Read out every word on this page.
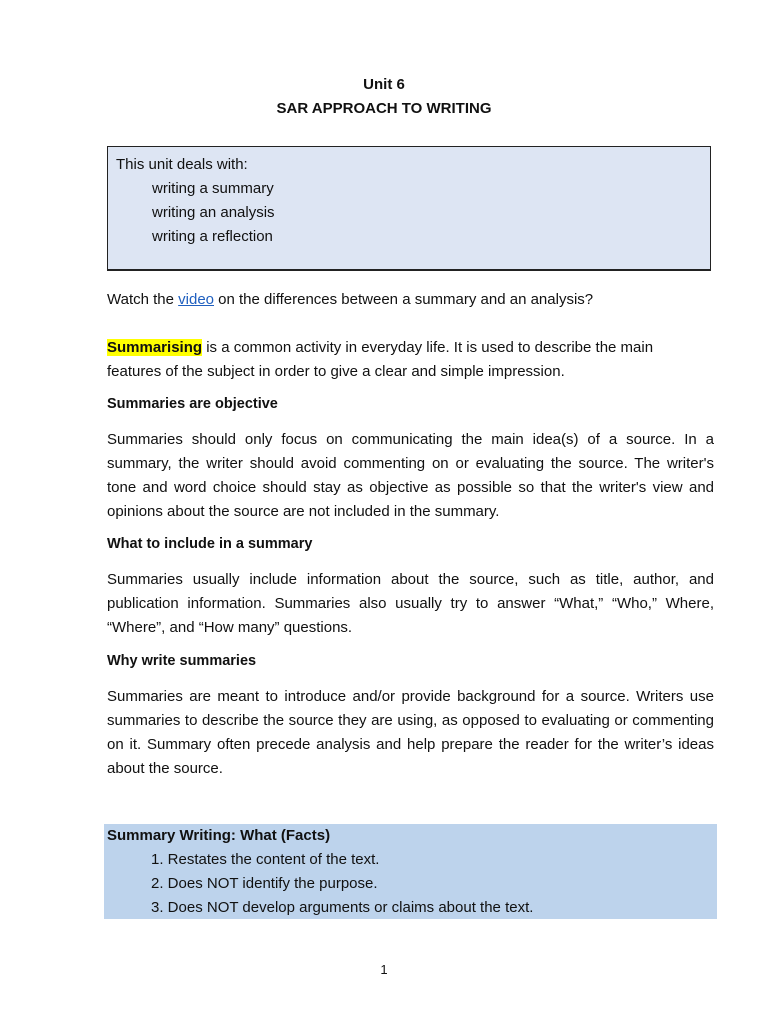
Unit 6
SAR APPROACH TO WRITING
This unit deals with:
writing a summary
writing an analysis
writing a reflection
Watch the video on the differences between a summary and an analysis?
Summarising is a common activity in everyday life. It is used to describe the main
features of the subject in order to give a clear and simple impression.
Summaries are objective
Summaries should only focus on communicating the main idea(s) of a source. In a summary, the writer should avoid commenting on or evaluating the source. The writer's tone and word choice should stay as objective as possible so that the writer's view and opinions about the source are not included in the summary.
What to include in a summary
Summaries usually include information about the source, such as title, author, and publication information. Summaries also usually try to answer “What,” “Who,” Where, “Where”, and “How many” questions.
Why write summaries
Summaries are meant to introduce and/or provide background for a source. Writers use summaries to describe the source they are using, as opposed to evaluating or commenting on it. Summary often precede analysis and help prepare the reader for the writer’s ideas about the source.
Summary Writing: What (Facts)
1. Restates the content of the text.
2. Does NOT identify the purpose.
3. Does NOT develop arguments or claims about the text.
1
